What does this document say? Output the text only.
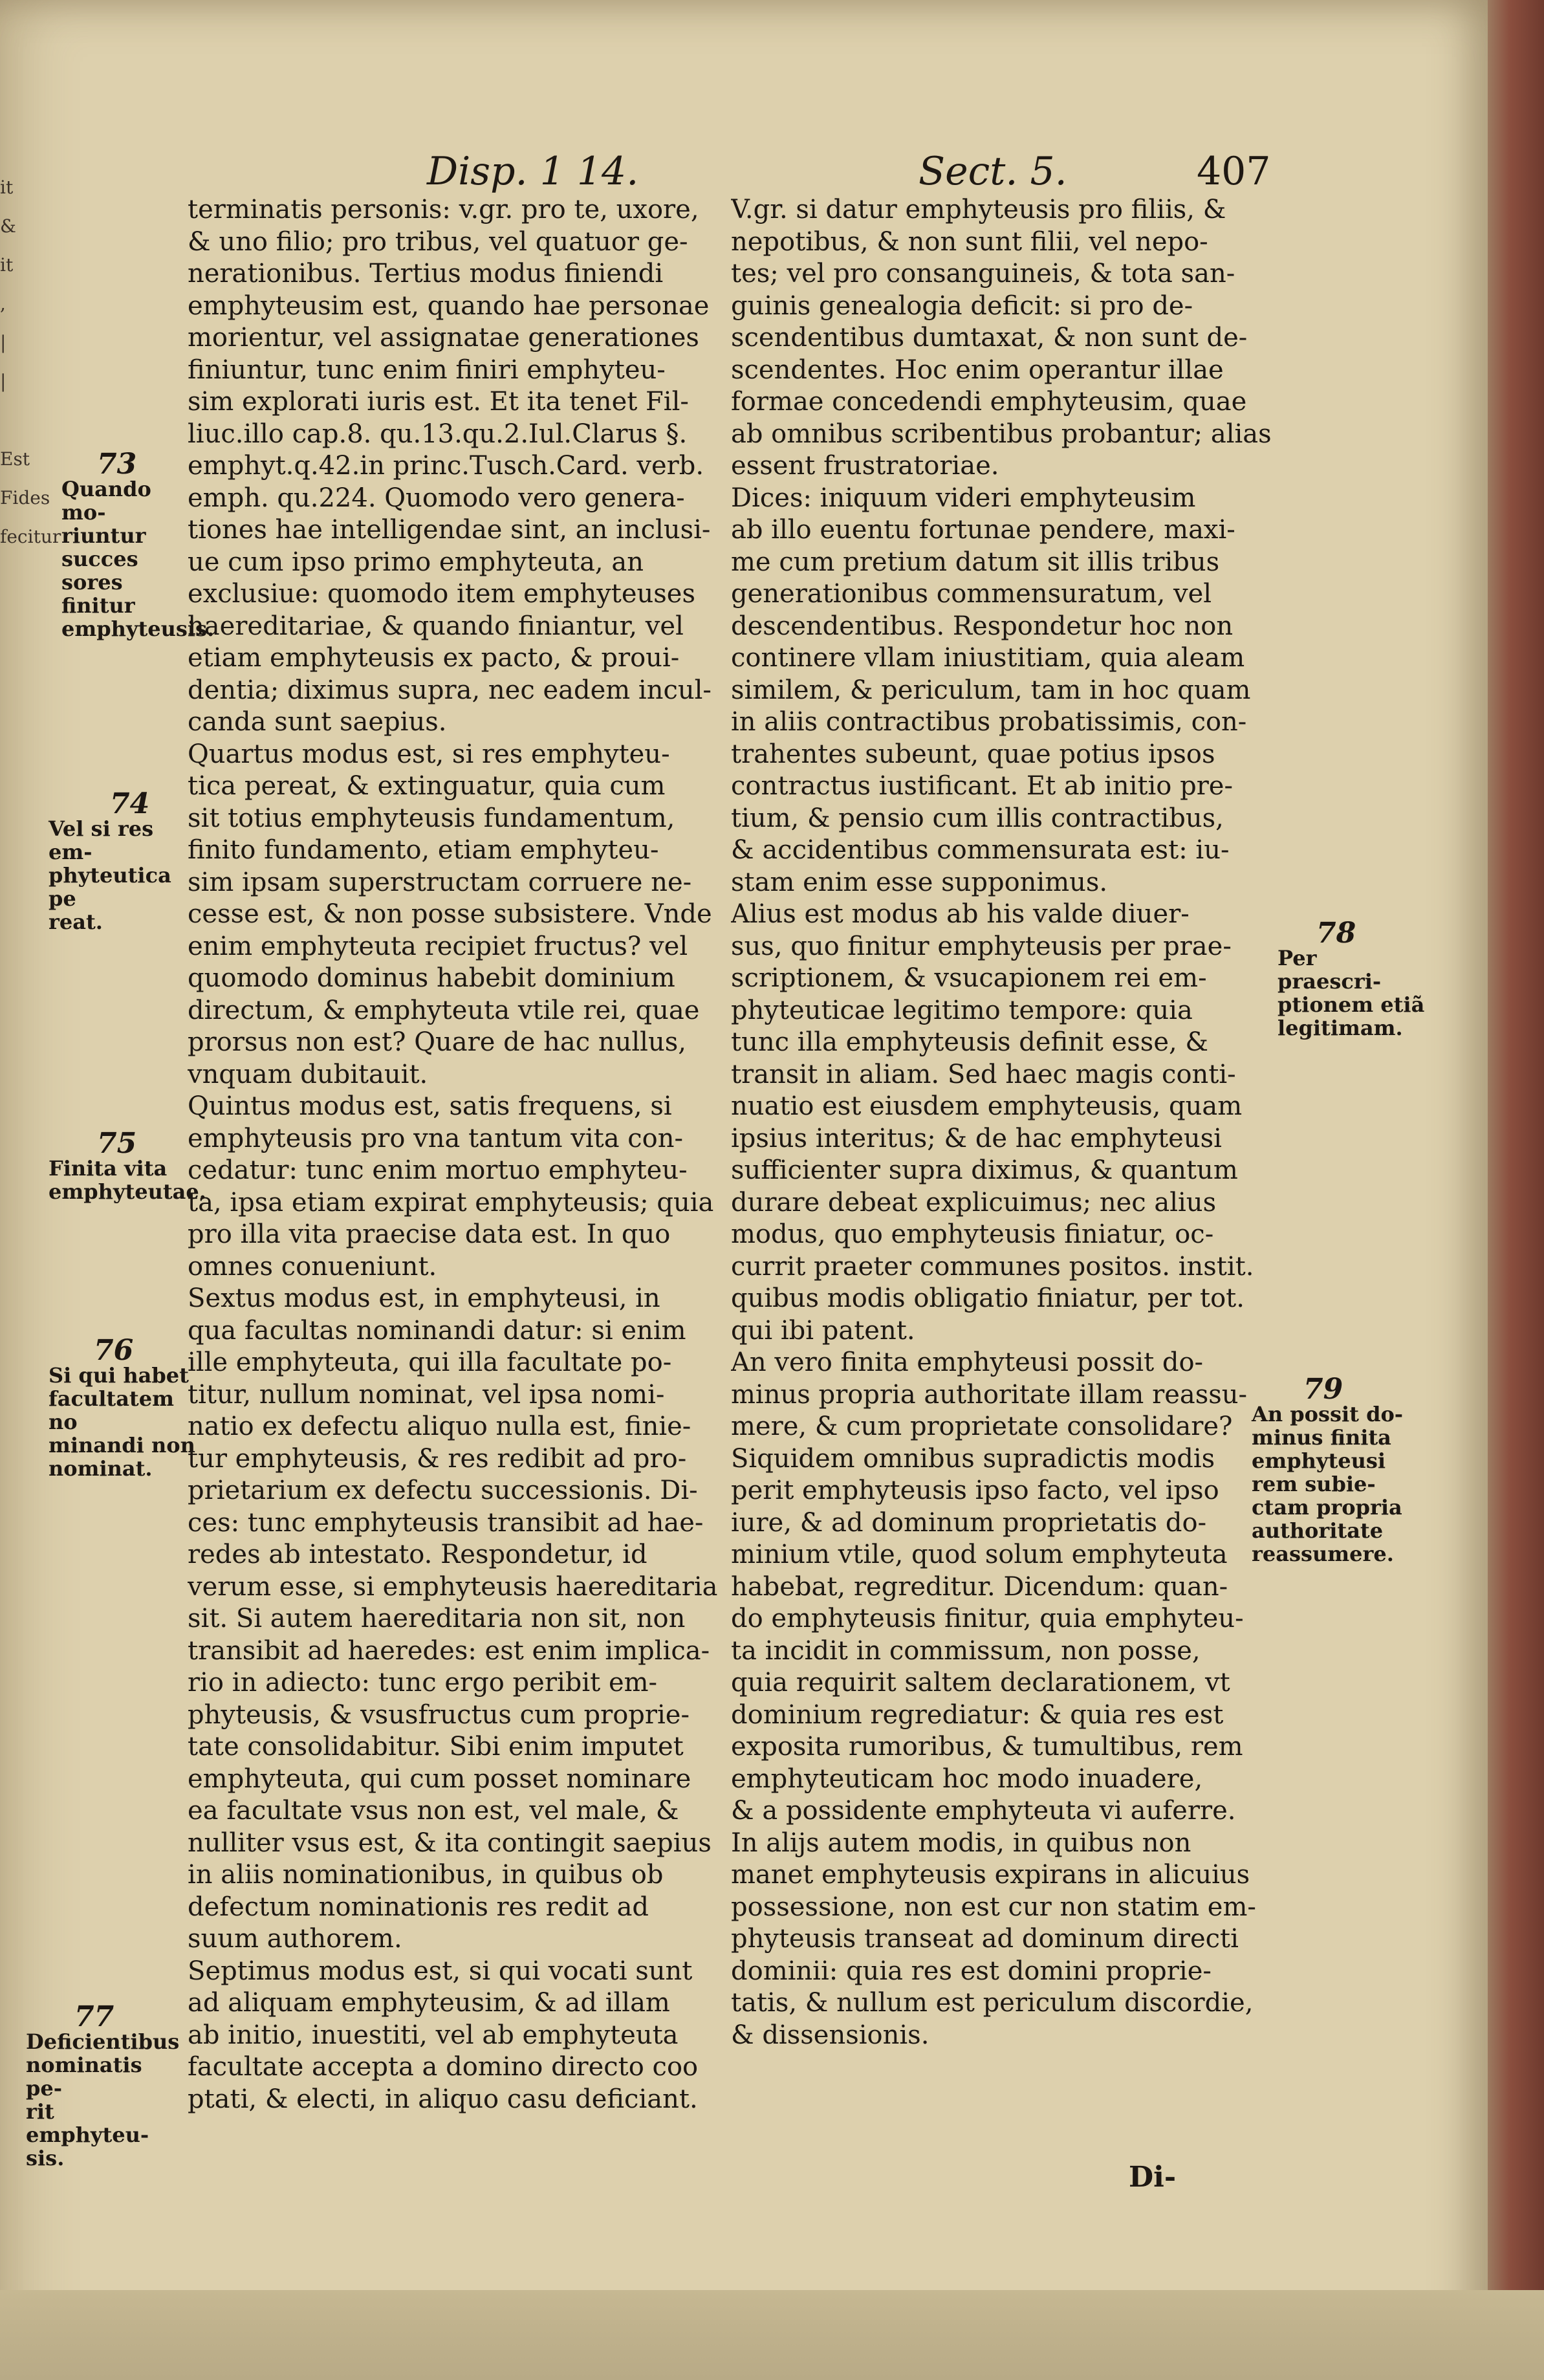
it
&
it
,
|
|

Est
Fides
fecitur
Disp. 1 14.	Sect. 5.	407
terminatis personis: v.gr. pro te, uxore,
& uno filio; pro tribus, vel quatuor ge-
nerationibus. Tertius modus finiendi
emphyteusim est, quando hae personae
morientur, vel assignatae generationes
finiuntur, tunc enim finiri emphyteu-
sim explorati iuris est. Et ita tenet Fil-
liuc.illo cap.8. qu.13.qu.2.Iul.Clarus §.
emphyt.q.42.in princ.Tusch.Card. verb.
emph. qu.224. Quomodo vero genera-
tiones hae intelligendae sint, an inclusi-
ue cum ipso primo emphyteuta, an
exclusiue: quomodo item emphyteuses
haereditariae, & quando finiantur, vel
etiam emphyteusis ex pacto, & proui-
dentia; diximus supra, nec eadem incul-
canda sunt saepius.
Quartus modus est, si res emphyteu-
tica pereat, & extinguatur, quia cum
sit totius emphyteusis fundamentum,
finito fundamento, etiam emphyteu-
sim ipsam superstructam corruere ne-
cesse est, & non posse subsistere. Vnde
enim emphyteuta recipiet fructus? vel
quomodo dominus habebit dominium
directum, & emphyteuta vtile rei, quae
prorsus non est? Quare de hac nullus,
vnquam dubitauit.
Quintus modus est, satis frequens, si
emphyteusis pro vna tantum vita con-
cedatur: tunc enim mortuo emphyteu-
ta, ipsa etiam expirat emphyteusis; quia
pro illa vita praecise data est. In quo
omnes conueniunt.
Sextus modus est, in emphyteusi, in
qua facultas nominandi datur: si enim
ille emphyteuta, qui illa facultate po-
titur, nullum nominat, vel ipsa nomi-
natio ex defectu aliquo nulla est, finie-
tur emphyteusis, & res redibit ad pro-
prietarium ex defectu successionis. Di-
ces: tunc emphyteusis transibit ad hae-
redes ab intestato. Respondetur, id
verum esse, si emphyteusis haereditaria
sit. Si autem haereditaria non sit, non
transibit ad haeredes: est enim implica-
rio in adiecto: tunc ergo peribit em-
phyteusis, & vsusfructus cum proprie-
tate consolidabitur. Sibi enim imputet
emphyteuta, qui cum posset nominare
ea facultate vsus non est, vel male, &
nulliter vsus est, & ita contingit saepius
in aliis nominationibus, in quibus ob
defectum nominationis res redit ad
suum authorem.
Septimus modus est, si qui vocati sunt
ad aliquam emphyteusim, & ad illam
ab initio, inuestiti, vel ab emphyteuta
facultate accepta a domino directo coo
ptati, & electi, in aliquo casu deficiant.
V.gr. si datur emphyteusis pro filiis, &
nepotibus, & non sunt filii, vel nepo-
tes; vel pro consanguineis, & tota san-
guinis genealogia deficit: si pro de-
scendentibus dumtaxat, & non sunt de-
scendentes. Hoc enim operantur illae
formae concedendi emphyteusim, quae
ab omnibus scribentibus probantur; alias
essent frustratoriae.
Dices: iniquum videri emphyteusim
ab illo euentu fortunae pendere, maxi-
me cum pretium datum sit illis tribus
generationibus commensuratum, vel
descendentibus. Respondetur hoc non
continere vllam iniustitiam, quia aleam
similem, & periculum, tam in hoc quam
in aliis contractibus probatissimis, con-
trahentes subeunt, quae potius ipsos
contractus iustificant. Et ab initio pre-
tium, & pensio cum illis contractibus,
& accidentibus commensurata est: iu-
stam enim esse supponimus.
Alius est modus ab his valde diuer-
sus, quo finitur emphyteusis per prae-
scriptionem, & vsucapionem rei em-
phyteuticae legitimo tempore: quia
tunc illa emphyteusis definit esse, &
transit in aliam. Sed haec magis conti-
nuatio est eiusdem emphyteusis, quam
ipsius interitus; & de hac emphyteusi
sufficienter supra diximus, & quantum
durare debeat explicuimus; nec alius
modus, quo emphyteusis finiatur, oc-
currit praeter communes positos. instit.
quibus modis obligatio finiatur, per tot.
qui ibi patent.
An vero finita emphyteusi possit do-
minus propria authoritate illam reassu-
mere, & cum proprietate consolidare?
Siquidem omnibus supradictis modis
perit emphyteusis ipso facto, vel ipso
iure, & ad dominum proprietatis do-
minium vtile, quod solum emphyteuta
habebat, regreditur. Dicendum: quan-
do emphyteusis finitur, quia emphyteu-
ta incidit in commissum, non posse,
quia requirit saltem declarationem, vt
dominium regrediatur: & quia res est
exposita rumoribus, & tumultibus, rem
emphyteuticam hoc modo inuadere,
& a possidente emphyteuta vi auferre.
In alijs autem modis, in quibus non
manet emphyteusis expirans in alicuius
possessione, non est cur non statim em-
phyteusis transeat ad dominum directi
dominii: quia res est domini proprie-
tatis, & nullum est periculum discordie,
& dissensionis.
73
Quando mo-
riuntur succes
sores finitur
emphyteusis.
74
Vel si res em-
phyteutica pe
reat.
75
Finita vita
emphyteutae.
76
Si qui habet
facultatem no
minandi non
nominat.
77
Deficientibus
nominatis pe-
rit emphyteu-
sis.
78
Per praescri-
ptionem etiã
legitimam.
79
An possit do-
minus finita
emphyteusi
rem subie-
ctam propria
authoritate
reassumere.
Di-
